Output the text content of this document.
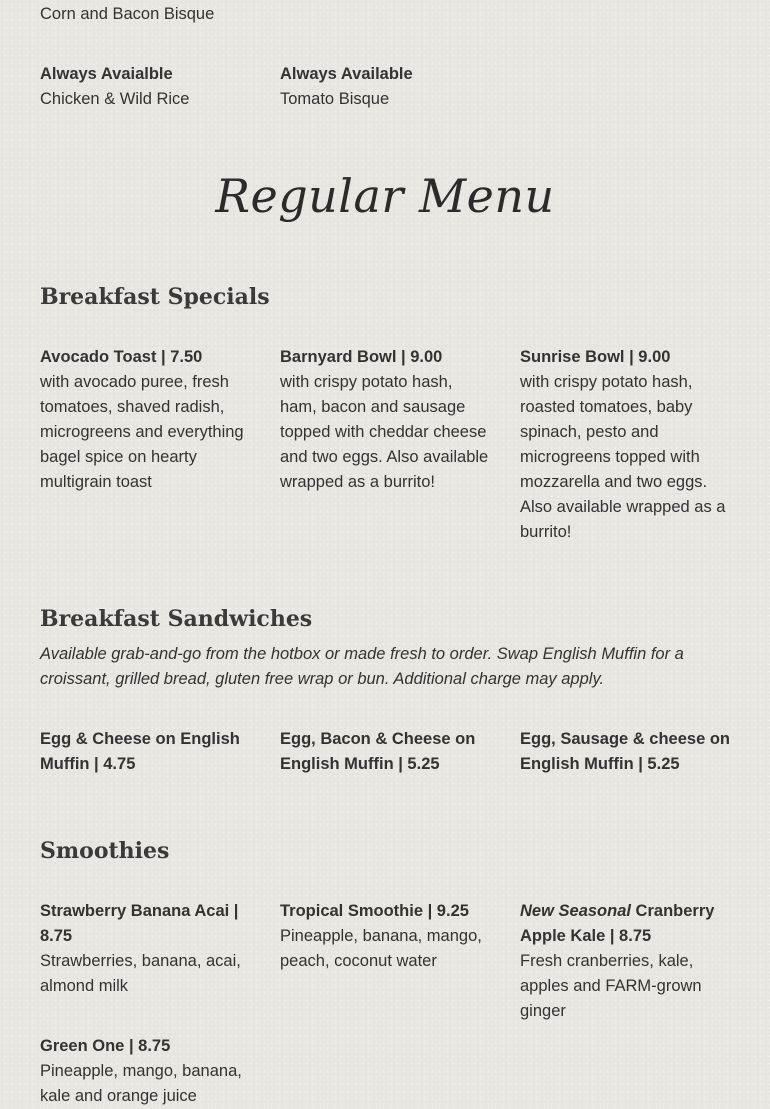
Corn and Bacon Bisque

Always Avaialble

Chicken & Wild Rice

Always Available

Tomato Bisque

Regular Menu
Breakfast Specials

Avocado Toast | 7.50

with avocado puree, fresh tomatoes, shaved radish, microgreens and everything bagel spice on hearty multigrain toast

Barnyard Bowl | 9.00

with crispy potato hash, ham, bacon and sausage topped with cheddar cheese and two eggs. Also available wrapped as a burrito!

Sunrise Bowl | 9.00

with crispy potato hash, roasted tomatoes, baby spinach, pesto and microgreens topped with mozzarella and two eggs. Also available wrapped as a burrito!

Breakfast Sandwiches
Available grab-and-go from the hotbox or made fresh to order. Swap English Muffin for a croissant, grilled bread, gluten free wrap or bun. Additional charge may apply.

Egg & Cheese on English Muffin | 4.75

Egg, Bacon & Cheese on English Muffin | 5.25

Egg, Sausage & cheese on English Muffin | 5.25

Smoothies

Strawberry Banana Acai | 8.75

Strawberries, banana, acai, almond milk

Tropical Smoothie | 9.25

Pineapple, banana, mango, peach, coconut water

New Seasonal Cranberry Apple Kale | 8.75

Fresh cranberries, kale, apples and FARM-grown ginger

Green One | 8.75

Pineapple, mango, banana, kale and orange juice
